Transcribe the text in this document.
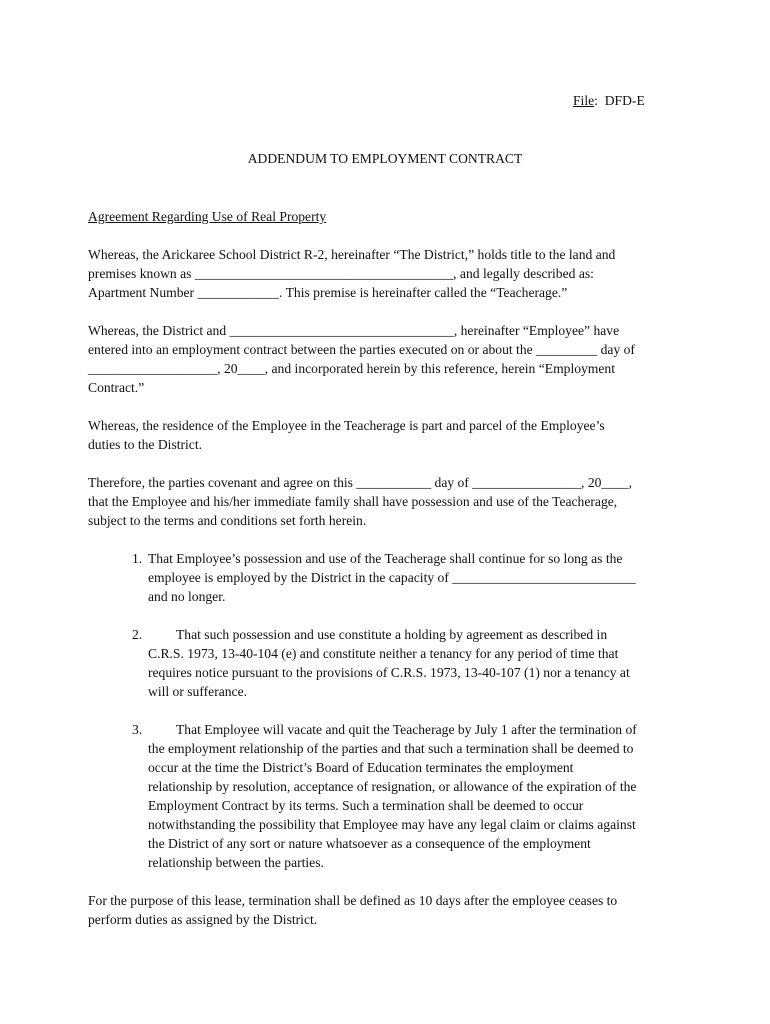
File: DFD-E
ADDENDUM TO EMPLOYMENT CONTRACT
Agreement Regarding Use of Real Property
Whereas, the Arickaree School District R-2, hereinafter “The District,” holds title to the land and
premises known as ______________________________________, and legally described as:
Apartment Number ____________. This premise is hereinafter called the “Teacherage.”
Whereas, the District and _________________________________, hereinafter “Employee” have
entered into an employment contract between the parties executed on or about the _________ day of
___________________, 20____, and incorporated herein by this reference, herein “Employment
Contract.”
Whereas, the residence of the Employee in the Teacherage is part and parcel of the Employee’s
duties to the District.
Therefore, the parties covenant and agree on this ___________ day of ________________, 20____,
that the Employee and his/her immediate family shall have possession and use of the Teacherage,
subject to the terms and conditions set forth herein.
1. That Employee’s possession and use of the Teacherage shall continue for so long as the
employee is employed by the District in the capacity of ___________________________
and no longer.
2.	That such possession and use constitute a holding by agreement as described in
C.R.S. 1973, 13-40-104 (e) and constitute neither a tenancy for any period of time that
requires notice pursuant to the provisions of C.R.S. 1973, 13-40-107 (1) nor a tenancy at
will or sufferance.
3.	That Employee will vacate and quit the Teacherage by July 1 after the termination of
the employment relationship of the parties and that such a termination shall be deemed to
occur at the time the District’s Board of Education terminates the employment
relationship by resolution, acceptance of resignation, or allowance of the expiration of the
Employment Contract by its terms. Such a termination shall be deemed to occur
notwithstanding the possibility that Employee may have any legal claim or claims against
the District of any sort or nature whatsoever as a consequence of the employment
relationship between the parties.
For the purpose of this lease, termination shall be defined as 10 days after the employee ceases to
perform duties as assigned by the District.
